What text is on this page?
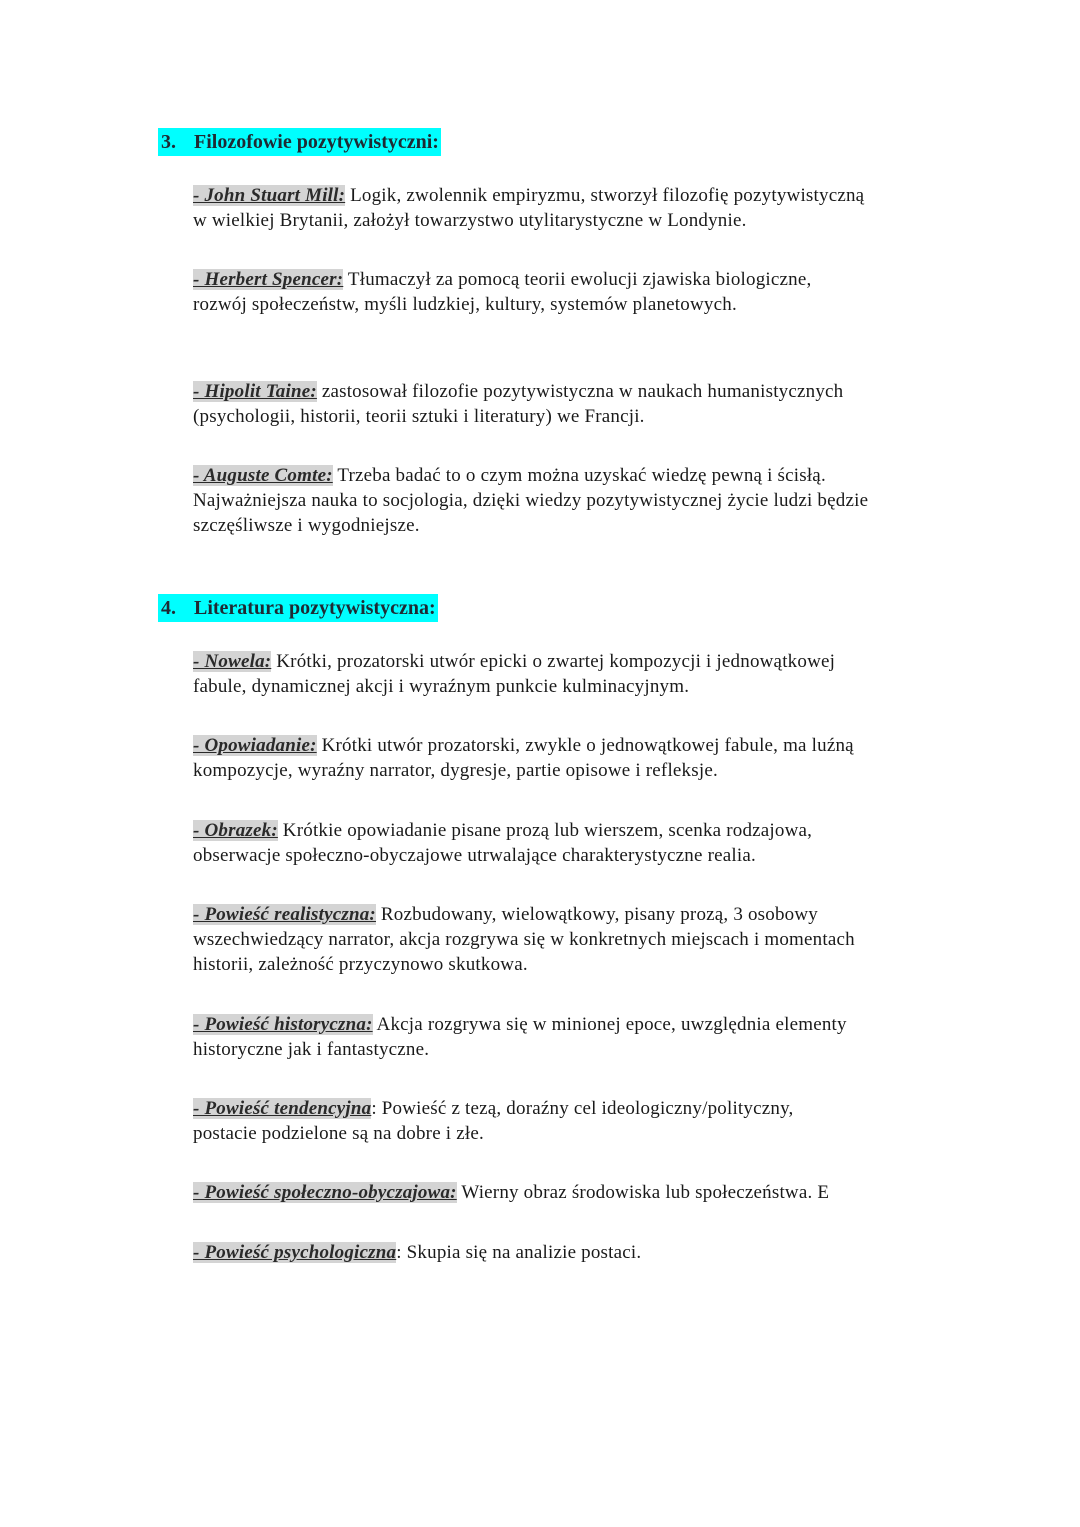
3. Filozofowie pozytywistyczni:
- John Stuart Mill: Logik, zwolennik empiryzmu, stworzył filozofię pozytywistyczną
w wielkiej Brytanii, założył towarzystwo utylitarystyczne w Londynie.
- Herbert Spencer: Tłumaczył za pomocą teorii ewolucji zjawiska biologiczne,
rozwój społeczeństw, myśli ludzkiej, kultury, systemów planetowych.
- Hipolit Taine: zastosował filozofie pozytywistyczna w naukach humanistycznych
(psychologii, historii, teorii sztuki i literatury) we Francji.
- Auguste Comte: Trzeba badać to o czym można uzyskać wiedzę pewną i ścisłą.
Najważniejsza nauka to socjologia, dzięki wiedzy pozytywistycznej życie ludzi będzie
szczęśliwsze i wygodniejsze.
4. Literatura pozytywistyczna:
- Nowela: Krótki, prozatorski utwór epicki o zwartej kompozycji i jednowątkowej
fabule, dynamicznej akcji i wyraźnym punkcie kulminacyjnym.
- Opowiadanie: Krótki utwór prozatorski, zwykle o jednowątkowej fabule, ma luźną
kompozycje, wyraźny narrator, dygresje, partie opisowe i refleksje.
- Obrazek: Krótkie opowiadanie pisane prozą lub wierszem, scenka rodzajowa,
obserwacje społeczno-obyczajowe utrwalające charakterystyczne realia.
- Powieść realistyczna: Rozbudowany, wielowątkowy, pisany prozą, 3 osobowy
wszechwiedzący narrator, akcja rozgrywa się w konkretnych miejscach i momentach
historii, zależność przyczynowo skutkowa.
- Powieść historyczna: Akcja rozgrywa się w minionej epoce, uwzględnia elementy
historyczne jak i fantastyczne.
- Powieść tendencyjna: Powieść z tezą, doraźny cel ideologiczny/polityczny,
postacie podzielone są na dobre i złe.
- Powieść społeczno-obyczajowa: Wierny obraz środowiska lub społeczeństwa. E
- Powieść psychologiczna: Skupia się na analizie postaci.
